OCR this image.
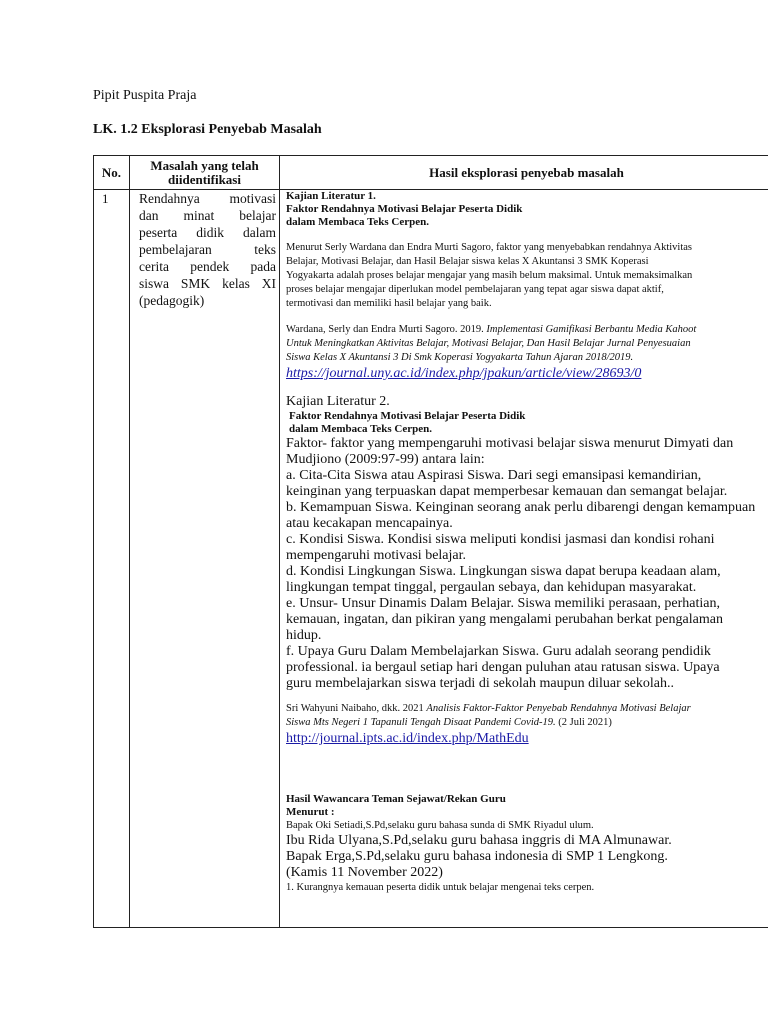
Pipit Puspita Praja
LK. 1.2 Eksplorasi Penyebab Masalah
No.	Masalah yang telah
diidentifikasi	Hasil eksplorasi penyebab masalah
1 Rendahnya motivasi
dan minat belajar
peserta didik dalam
pembelajaran teks
cerita pendek pada
siswa SMK kelas XI
(pedagogik)
Kajian Literatur 1.
Faktor Rendahnya Motivasi Belajar Peserta Didik
dalam Membaca Teks Cerpen.
Menurut Serly Wardana dan Endra Murti Sagoro, faktor yang menyebabkan rendahnya Aktivitas
Belajar, Motivasi Belajar, dan Hasil Belajar siswa kelas X Akuntansi 3 SMK Koperasi
Yogyakarta adalah proses belajar mengajar yang masih belum maksimal. Untuk memaksimalkan
proses belajar mengajar diperlukan model pembelajaran yang tepat agar siswa dapat aktif,
termotivasi dan memiliki hasil belajar yang baik.
Wardana, Serly dan Endra Murti Sagoro. 2019. Implementasi Gamifikasi Berbantu Media Kahoot
Untuk Meningkatkan Aktivitas Belajar, Motivasi Belajar, Dan Hasil Belajar Jurnal Penyesuaian
Siswa Kelas X Akuntansi 3 Di Smk Koperasi Yogyakarta Tahun Ajaran 2018/2019.
https://journal.uny.ac.id/index.php/jpakun/article/view/28693/0
Kajian Literatur 2.
Faktor Rendahnya Motivasi Belajar Peserta Didik
dalam Membaca Teks Cerpen.
Faktor- faktor yang mempengaruhi motivasi belajar siswa menurut Dimyati dan
Mudjiono (2009:97-99) antara lain:
a. Cita-Cita Siswa atau Aspirasi Siswa. Dari segi emansipasi kemandirian,
keinginan yang terpuaskan dapat memperbesar kemauan dan semangat belajar.
b. Kemampuan Siswa. Keinginan seorang anak perlu dibarengi dengan kemampuan
atau kecakapan mencapainya.
c. Kondisi Siswa. Kondisi siswa meliputi kondisi jasmasi dan kondisi rohani
mempengaruhi motivasi belajar.
d. Kondisi Lingkungan Siswa. Lingkungan siswa dapat berupa keadaan alam,
lingkungan tempat tinggal, pergaulan sebaya, dan kehidupan masyarakat.
e. Unsur- Unsur Dinamis Dalam Belajar. Siswa memiliki perasaan, perhatian,
kemauan, ingatan, dan pikiran yang mengalami perubahan berkat pengalaman
hidup.
f. Upaya Guru Dalam Membelajarkan Siswa. Guru adalah seorang pendidik
professional. ia bergaul setiap hari dengan puluhan atau ratusan siswa. Upaya
guru membelajarkan siswa terjadi di sekolah maupun diluar sekolah..
Sri Wahyuni Naibaho, dkk. 2021 Analisis Faktor-Faktor Penyebab Rendahnya Motivasi Belajar
Siswa Mts Negeri 1 Tapanuli Tengah Disaat Pandemi Covid-19. (2 Juli 2021)
http://journal.ipts.ac.id/index.php/MathEdu
Hasil Wawancara Teman Sejawat/Rekan Guru
Menurut :
Bapak Oki Setiadi,S.Pd,selaku guru bahasa sunda di SMK Riyadul ulum.
Ibu Rida Ulyana,S.Pd,selaku guru bahasa inggris di MA Almunawar.
Bapak Erga,S.Pd,selaku guru bahasa indonesia di SMP 1 Lengkong.
(Kamis 11 November 2022)
1. Kurangnya kemauan peserta didik untuk belajar mengenai teks cerpen.
